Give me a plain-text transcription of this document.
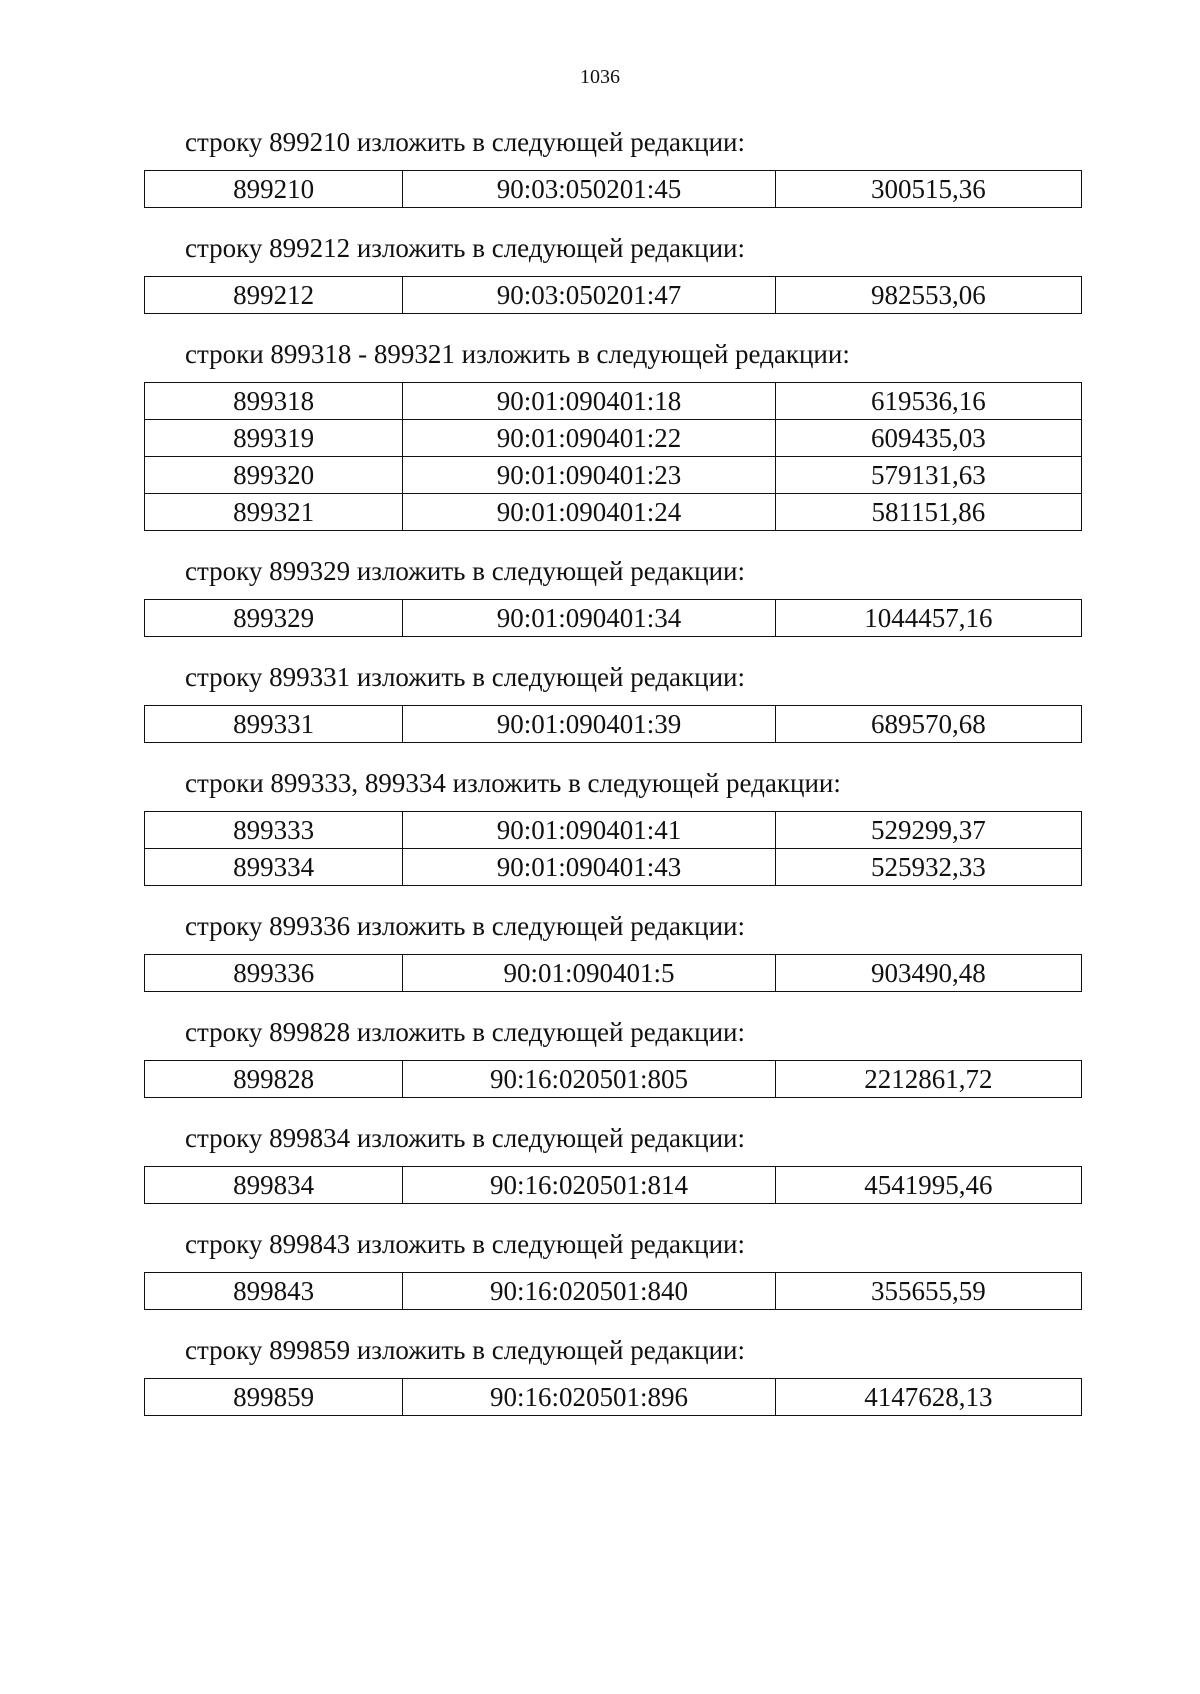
1036

строку 899210 изложить в следующей редакции:

899210	90:03:050201:45	300515,36

строку 899212 изложить в следующей редакции:

899212	90:03:050201:47	982553,06

строки 899318 - 899321 изложить в следующей редакции:

899318	90:01:090401:18	619536,16
899319	90:01:090401:22	609435,03
899320	90:01:090401:23	579131,63
899321	90:01:090401:24	581151,86

строку 899329 изложить в следующей редакции:

899329	90:01:090401:34	1044457,16

строку 899331 изложить в следующей редакции:

899331	90:01:090401:39	689570,68

строки 899333, 899334 изложить в следующей редакции:

899333	90:01:090401:41	529299,37
899334	90:01:090401:43	525932,33

строку 899336 изложить в следующей редакции:

899336	90:01:090401:5	903490,48

строку 899828 изложить в следующей редакции:

899828	90:16:020501:805	2212861,72

строку 899834 изложить в следующей редакции:

899834	90:16:020501:814	4541995,46

строку 899843 изложить в следующей редакции:

899843	90:16:020501:840	355655,59

строку 899859 изложить в следующей редакции:

899859	90:16:020501:896	4147628,13
